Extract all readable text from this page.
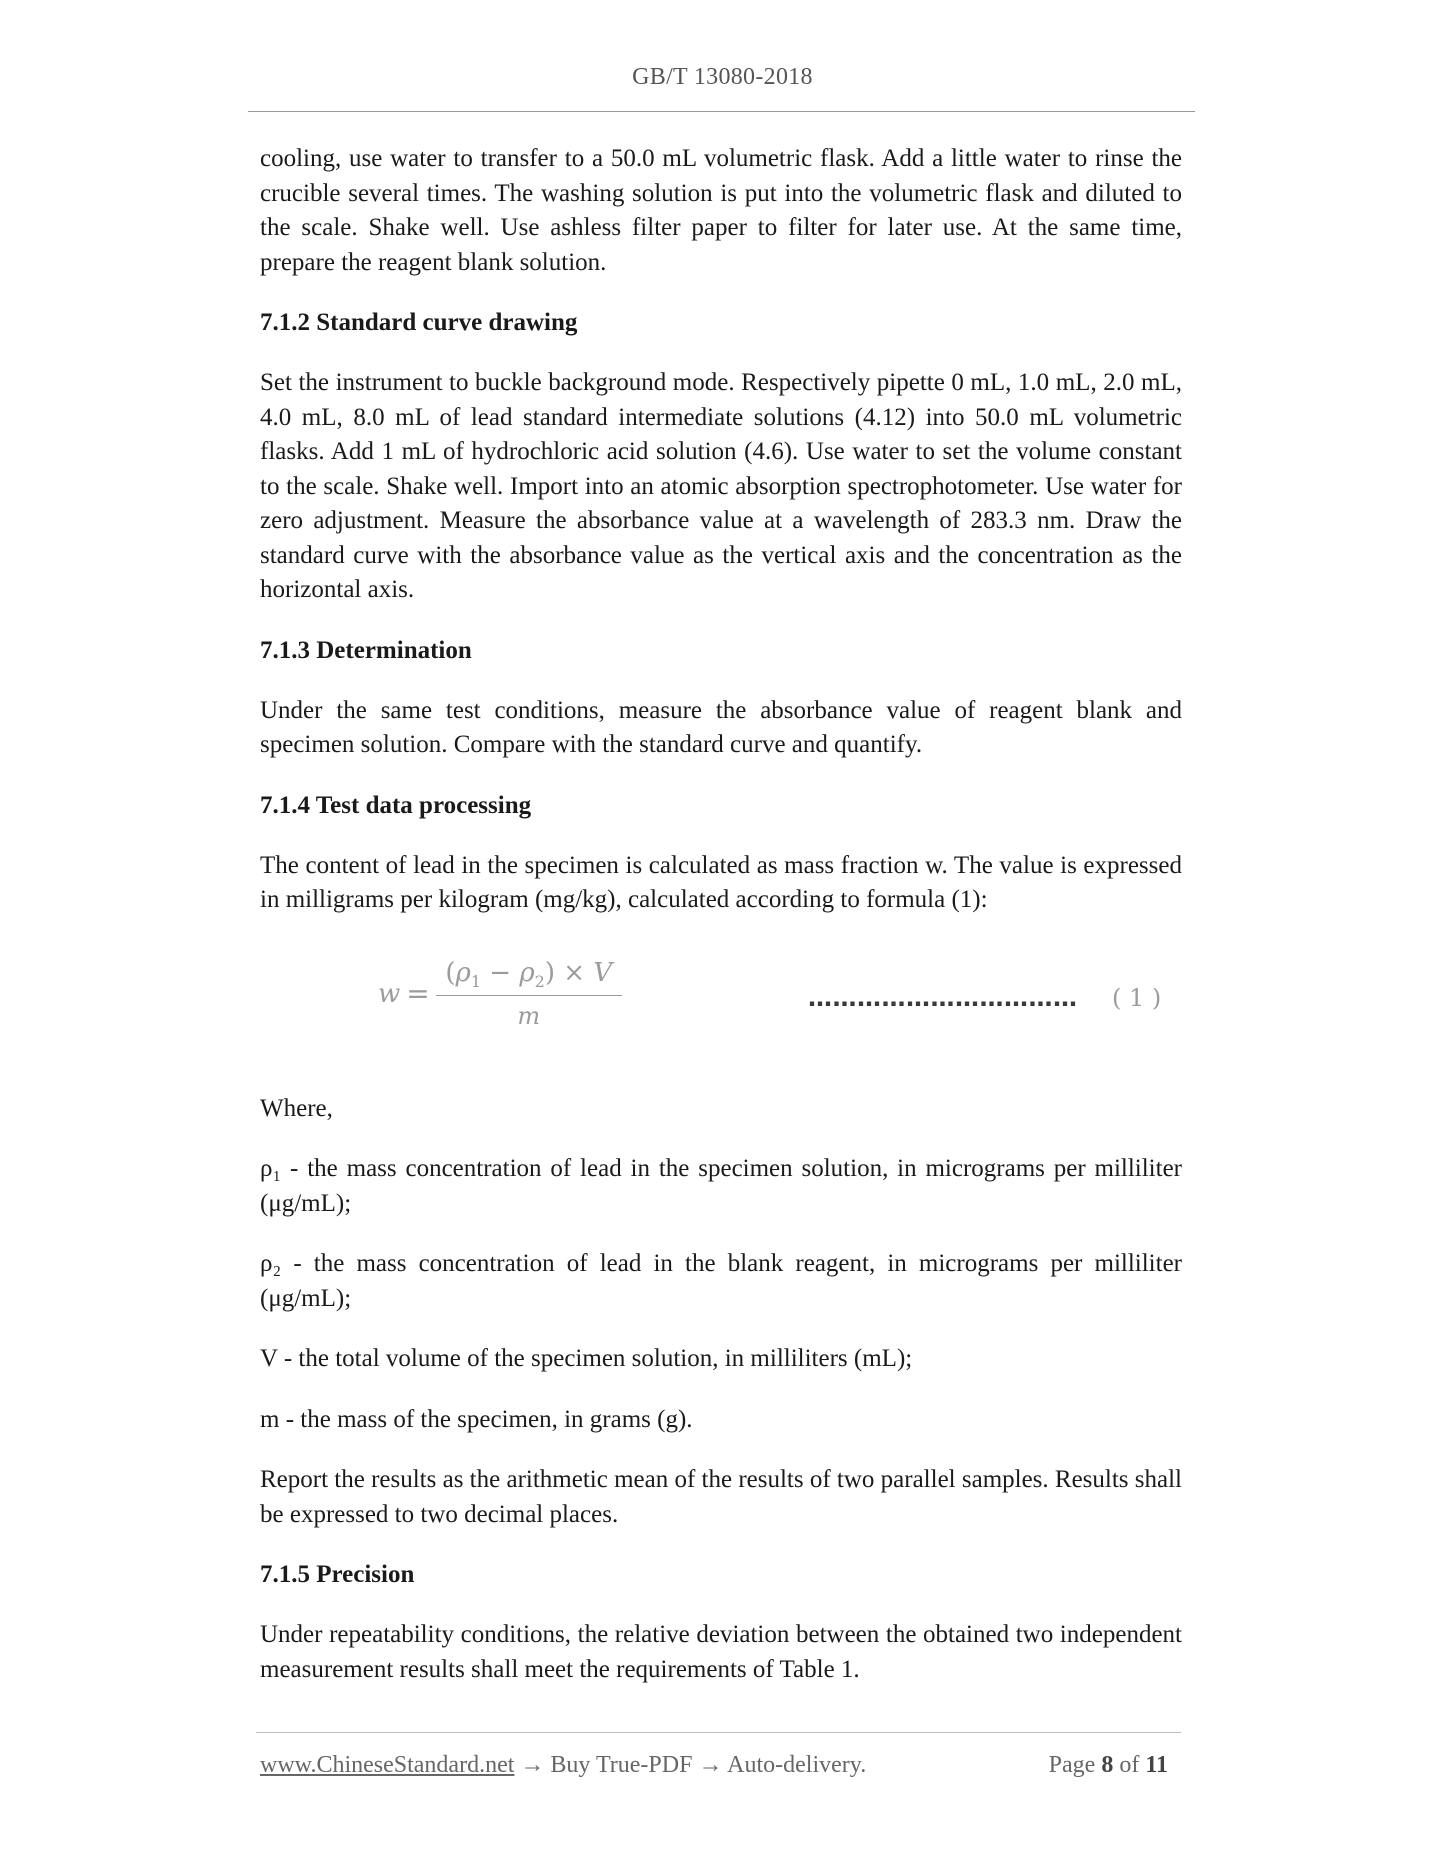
GB/T 13080-2018

cooling, use water to transfer to a 50.0 mL volumetric flask. Add a little water to rinse the crucible several times. The washing solution is put into the volumetric flask and diluted to the scale. Shake well. Use ashless filter paper to filter for later use. At the same time, prepare the reagent blank solution.

7.1.2 Standard curve drawing

Set the instrument to buckle background mode. Respectively pipette 0 mL, 1.0 mL, 2.0 mL, 4.0 mL, 8.0 mL of lead standard intermediate solutions (4.12) into 50.0 mL volumetric flasks. Add 1 mL of hydrochloric acid solution (4.6). Use water to set the volume constant to the scale. Shake well. Import into an atomic absorption spectrophotometer. Use water for zero adjustment. Measure the absorbance value at a wavelength of 283.3 nm. Draw the standard curve with the absorbance value as the vertical axis and the concentration as the horizontal axis.

7.1.3 Determination

Under the same test conditions, measure the absorbance value of reagent blank and specimen solution. Compare with the standard curve and quantify.

7.1.4 Test data processing

The content of lead in the specimen is calculated as mass fraction w. The value is expressed in milligrams per kilogram (mg/kg), calculated according to formula (1):

$w = \frac{(\rho_1 - \rho_2) \times V}{m}$	…………………………… ( 1 )

Where,

ρ₁ - the mass concentration of lead in the specimen solution, in micrograms per milliliter (μg/mL);

ρ₂ - the mass concentration of lead in the blank reagent, in micrograms per milliliter (μg/mL);

V - the total volume of the specimen solution, in milliliters (mL);

m - the mass of the specimen, in grams (g).

Report the results as the arithmetic mean of the results of two parallel samples. Results shall be expressed to two decimal places.

7.1.5 Precision

Under repeatability conditions, the relative deviation between the obtained two independent measurement results shall meet the requirements of Table 1.

www.ChineseStandard.net → Buy True-PDF → Auto-delivery.	Page 8 of 11
